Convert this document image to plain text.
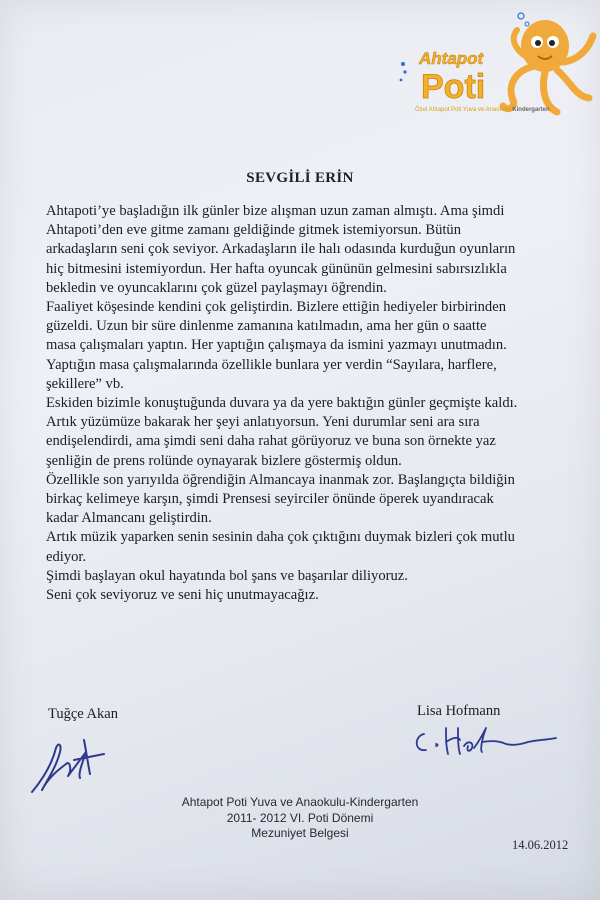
Ahtapot
Poti
Özel Ahtapot Poti Yuva ve Anaokulu Kindergarten
SEVGİLİ ERİN
Ahtapoti’ye başladığın ilk günler bize alışman uzun zaman almıştı. Ama şimdi
Ahtapoti’den eve gitme zamanı geldiğinde gitmek istemiyorsun. Bütün
arkadaşların seni çok seviyor. Arkadaşların ile halı odasında kurduğun oyunların
hiç bitmesini istemiyordun. Her hafta oyuncak gününün gelmesini sabırsızlıkla
bekledin ve oyuncaklarını çok güzel paylaşmayı öğrendin.
Faaliyet köşesinde kendini çok geliştirdin. Bizlere ettiğin hediyeler birbirinden
güzeldi. Uzun bir süre dinlenme zamanına katılmadın, ama her gün o saatte
masa çalışmaları yaptın. Her yaptığın çalışmaya da ismini yazmayı unutmadın.
Yaptığın masa çalışmalarında özellikle bunlara yer verdin “Sayılara, harflere,
şekillere” vb.
Eskiden bizimle konuştuğunda duvara ya da yere baktığın günler geçmişte kaldı.
Artık yüzümüze bakarak her şeyi anlatıyorsun. Yeni durumlar seni ara sıra
endişelendirdi, ama şimdi seni daha rahat görüyoruz ve buna son örnekte yaz
şenliğin de prens rolünde oynayarak bizlere göstermiş oldun.
Özellikle son yarıyılda öğrendiğin Almancaya inanmak zor. Başlangıçta bildiğin
birkaç kelimeye karşın, şimdi Prensesi seyirciler önünde öperek uyandıracak
kadar Almancanı geliştirdin.
Artık müzik yaparken senin sesinin daha çok çıktığını duymak bizleri çok mutlu
ediyor.
Şimdi başlayan okul hayatında bol şans ve başarılar diliyoruz.
Seni çok seviyoruz ve seni hiç unutmayacağız.
Tuğçe Akan	Lisa Hofmann
Ahtapot Poti Yuva ve Anaokulu-Kindergarten
2011- 2012 VI. Poti Dönemi
Mezuniyet Belgesi
14.06.2012
